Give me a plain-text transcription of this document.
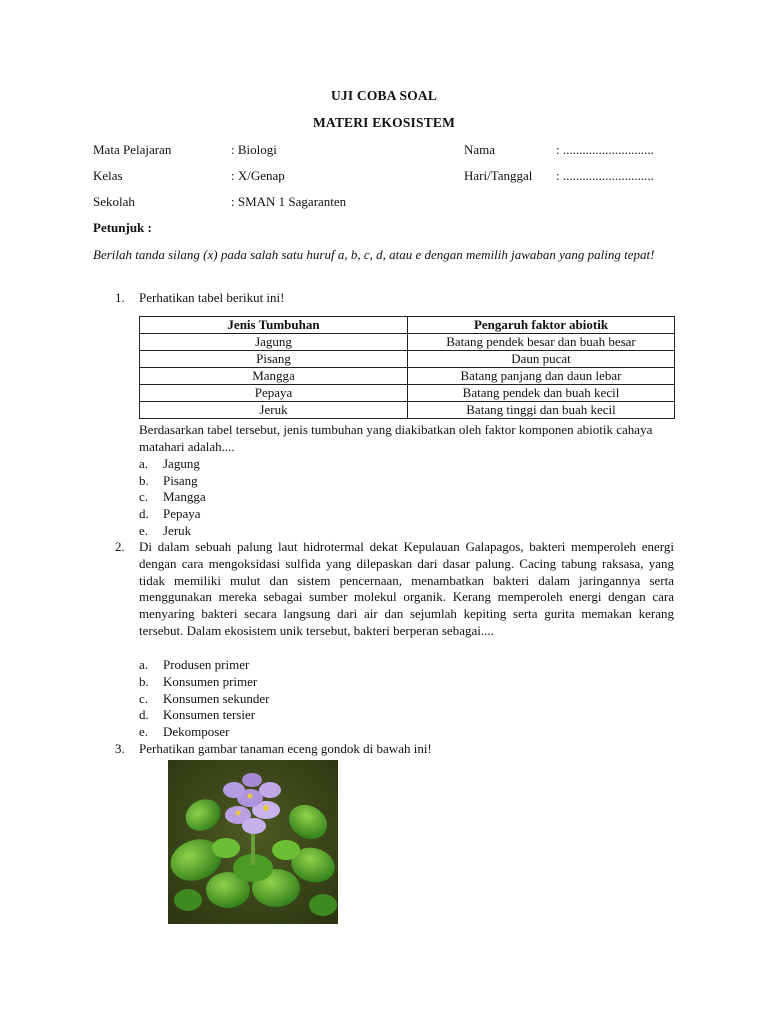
UJI COBA SOAL
MATERI EKOSISTEM
Mata Pelajaran	: Biologi	Nama	: ............................
Kelas	: X/Genap	Hari/Tanggal : ............................
Sekolah	: SMAN 1 Sagaranten
Petunjuk :
Berilah tanda silang (x) pada salah satu huruf a, b, c, d, atau e dengan memilih jawaban yang paling tepat!
1. Perhatikan tabel berikut ini!
Jenis Tumbuhan	Pengaruh faktor abiotik
Jagung	Batang pendek besar dan buah besar
Pisang	Daun pucat
Mangga	Batang panjang dan daun lebar
Pepaya	Batang pendek dan buah kecil
Jeruk	Batang tinggi dan buah kecil
Berdasarkan tabel tersebut, jenis tumbuhan yang diakibatkan oleh faktor komponen abiotik cahaya matahari adalah....
a. Jagung
b. Pisang
c. Mangga
d. Pepaya
e. Jeruk
2. Di dalam sebuah palung laut hidrotermal dekat Kepulauan Galapagos, bakteri memperoleh energi dengan cara mengoksidasi sulfida yang dilepaskan dari dasar palung. Cacing tabung raksasa, yang tidak memiliki mulut dan sistem pencernaan, menambatkan bakteri dalam jaringannya serta menggunakan mereka sebagai sumber molekul organik. Kerang memperoleh energi dengan cara menyaring bakteri secara langsung dari air dan sejumlah kepiting serta gurita memakan kerang tersebut. Dalam ekosistem unik tersebut, bakteri berperan sebagai....
a. Produsen primer
b. Konsumen primer
c. Konsumen sekunder
d. Konsumen tersier
e. Dekomposer
3. Perhatikan gambar tanaman eceng gondok di bawah ini!
